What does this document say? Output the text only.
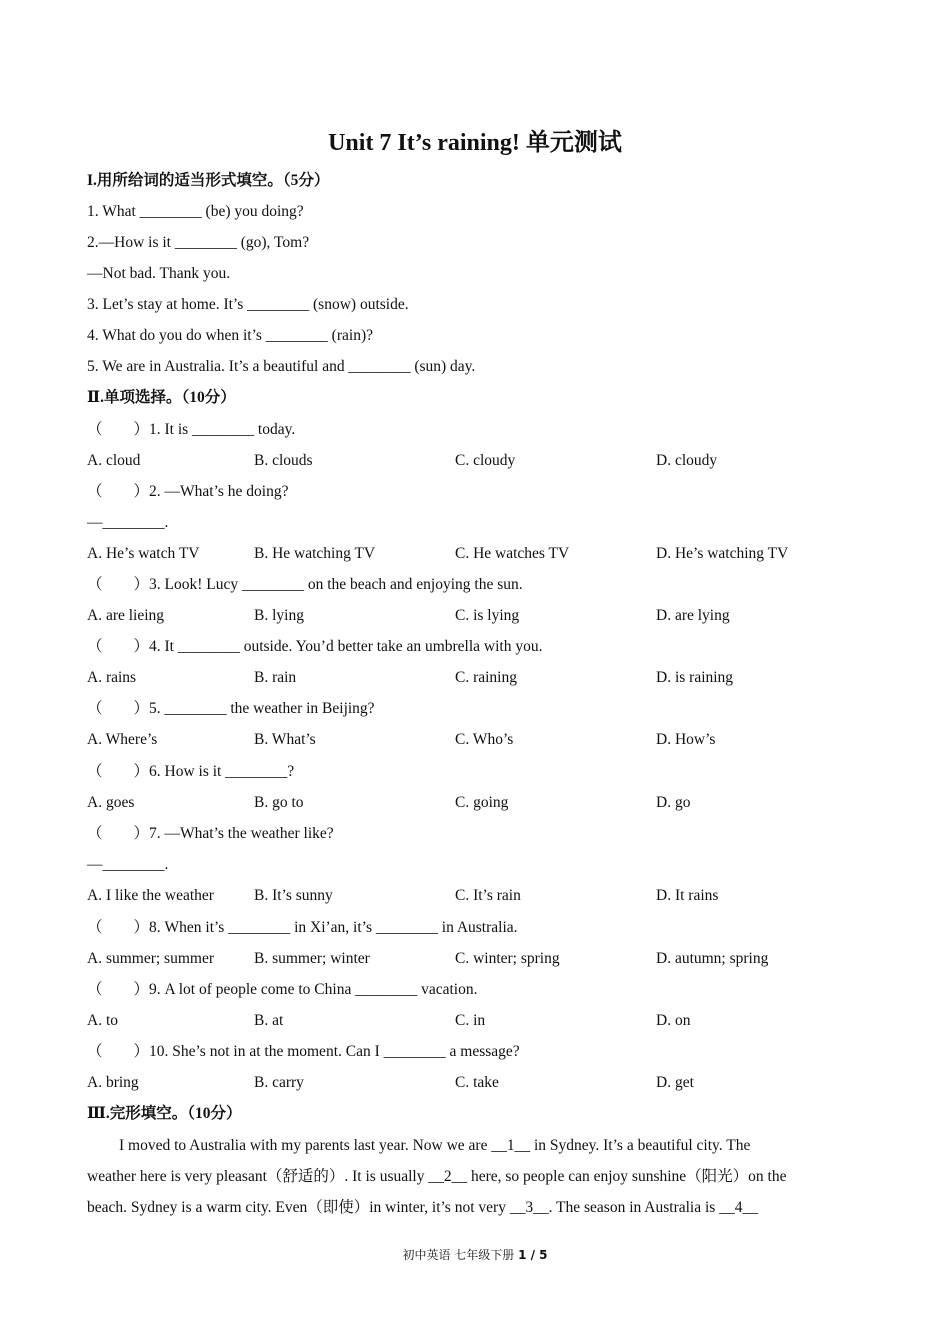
Unit 7 It’s raining! 单元测试
I.用所给词的适当形式填空。（5分）
1. What ________ (be) you doing?
2.—How is it ________ (go), Tom?
—Not bad. Thank you.
3. Let’s stay at home. It’s ________ (snow) outside.
4. What do you do when it’s ________ (rain)?
5. We are in Australia. It’s a beautiful and ________ (sun) day.
Ⅱ.单项选择。（10分）
（　　）1. It is ________ today.
A. cloud	B. clouds	C. cloudy	D. cloudy
（　　）2. —What’s he doing?
—________.
A. He’s watch TV	B. He watching TV	C. He watches TV	D. He’s watching TV
（　　）3. Look! Lucy ________ on the beach and enjoying the sun.
A. are lieing	B. lying	C. is lying	D. are lying
（　　）4. It ________ outside. You’d better take an umbrella with you.
A. rains	B. rain	C. raining	D. is raining
（　　）5. ________ the weather in Beijing?
A. Where’s	B. What’s	C. Who’s	D. How’s
（　　）6. How is it ________?
A. goes	B. go to	C. going	D. go
（　　）7. —What’s the weather like?
—________.
A. I like the weather	B. It’s sunny	C. It’s rain	D. It rains
（　　）8. When it’s ________ in Xi’an, it’s ________ in Australia.
A. summer; summer	B. summer; winter	C. winter; spring	D. autumn; spring
（　　）9. A lot of people come to China ________ vacation.
A. to	B. at	C. in	D. on
（　　）10. She’s not in at the moment. Can I ________ a message?
A. bring	B. carry	C. take	D. get
Ⅲ.完形填空。（10分）
I moved to Australia with my parents last year. Now we are __1__ in Sydney. It’s a beautiful city. The
weather here is very pleasant（舒适的）. It is usually __2__ here, so people can enjoy sunshine（阳光）on the
beach. Sydney is a warm city. Even（即使）in winter, it’s not very __3__. The season in Australia is __4__
初中英语 七年级下册 1 / 5
